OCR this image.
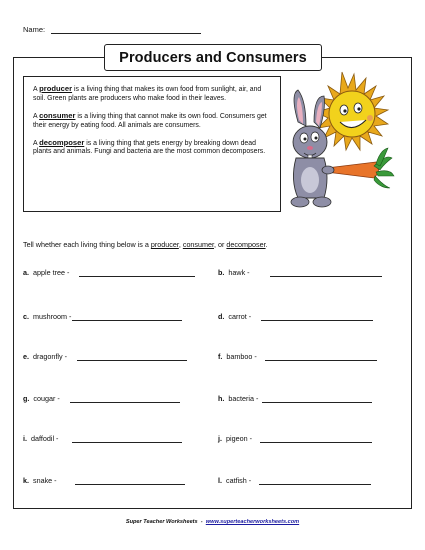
Name:
Producers and Consumers

A producer is a living thing that makes its own food from sunlight, air, and soil. Green plants are producers who make food in their leaves.

A consumer is a living thing that cannot make its own food. Consumers get their energy by eating food. All animals are consumers.

A decomposer is a living thing that gets energy by breaking down dead plants and animals. Fungi and bacteria are the most common decomposers.

Tell whether each living thing below is a producer, consumer, or decomposer.
a. apple tree -
c. mushroom -
e. dragonfly -
g. cougar -
i. daffodil -
k. snake -
b. hawk -
d. carrot -
f. bamboo -
h. bacteria -
j. pigeon -
l. catfish -
Super Teacher Worksheets  -  www.superteacherworksheets.com
